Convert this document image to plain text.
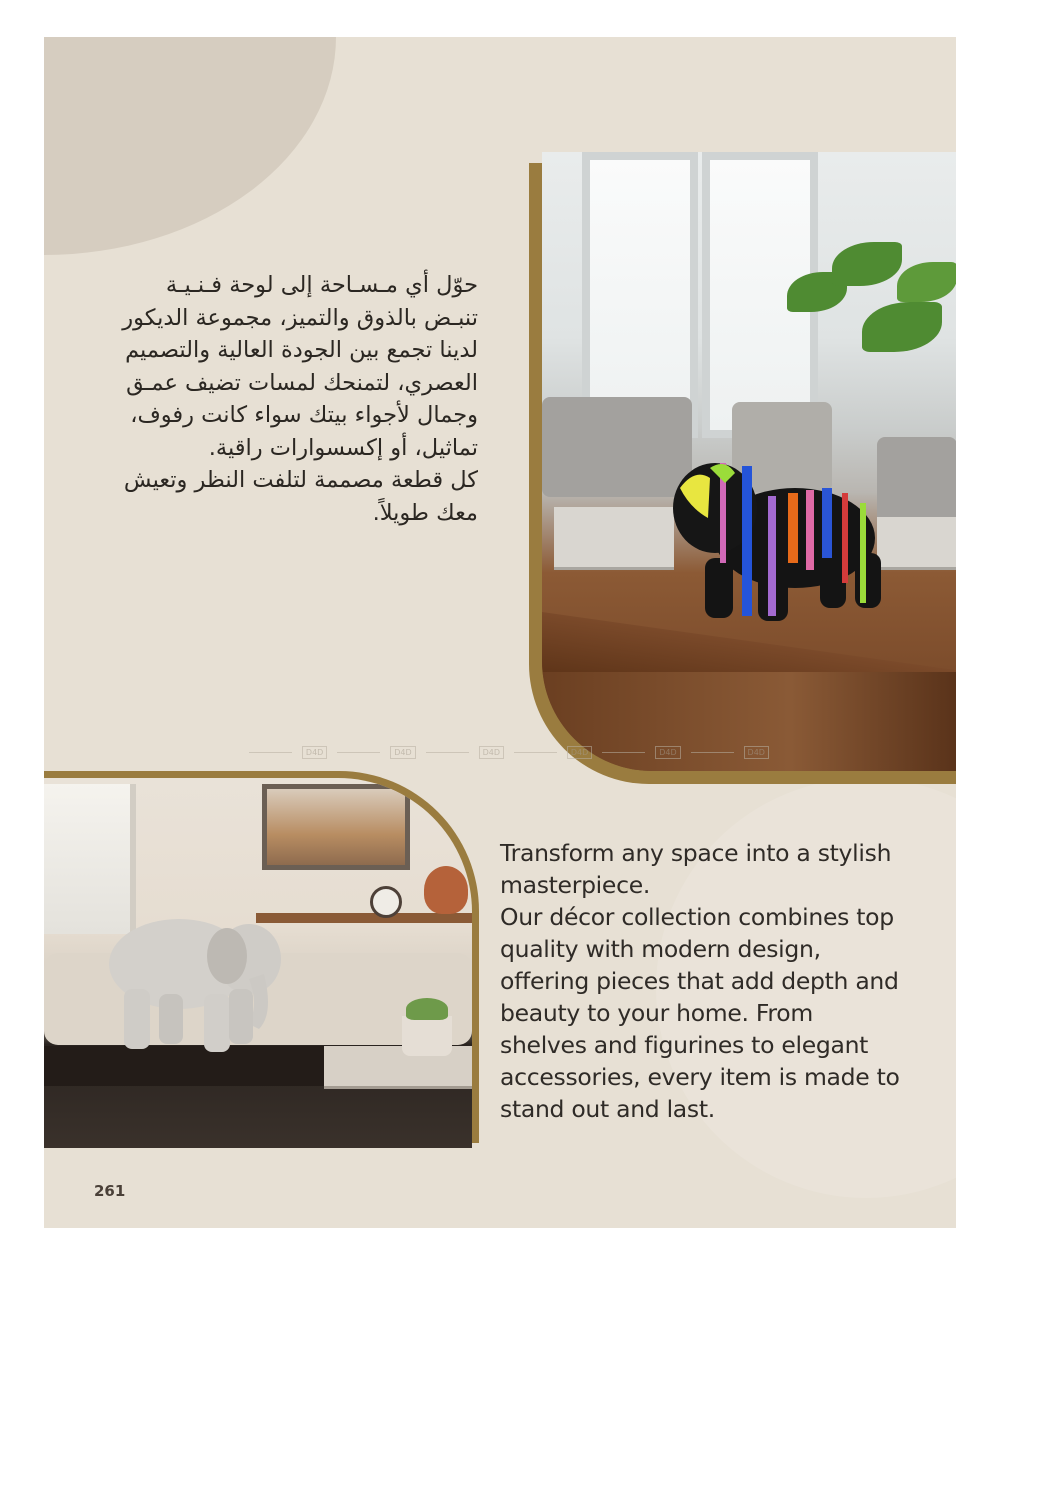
حوّل أي مـسـاحة إلى لوحة فـنـيـة تنبـض بالذوق والتميز، مجموعة الديكور لدينا تجمع بين الجودة العالية والتصميم العصري، لتمنحك لمسات تضيف عمـق وجمال لأجواء بيتك سواء كانت رفوف، تماثيل، أو إكسسوارات راقية.

كل قطعة مصممة لتلفت النظر وتعيش معك طويلاً.

D4D	D4D	D4D	D4D	D4D	D4D

Transform any space into a stylish masterpiece.

Our décor collection combines top quality with modern design, offering pieces that add depth and beauty to your home. From shelves and figurines to elegant accessories, every item is made to stand out and last.

261
